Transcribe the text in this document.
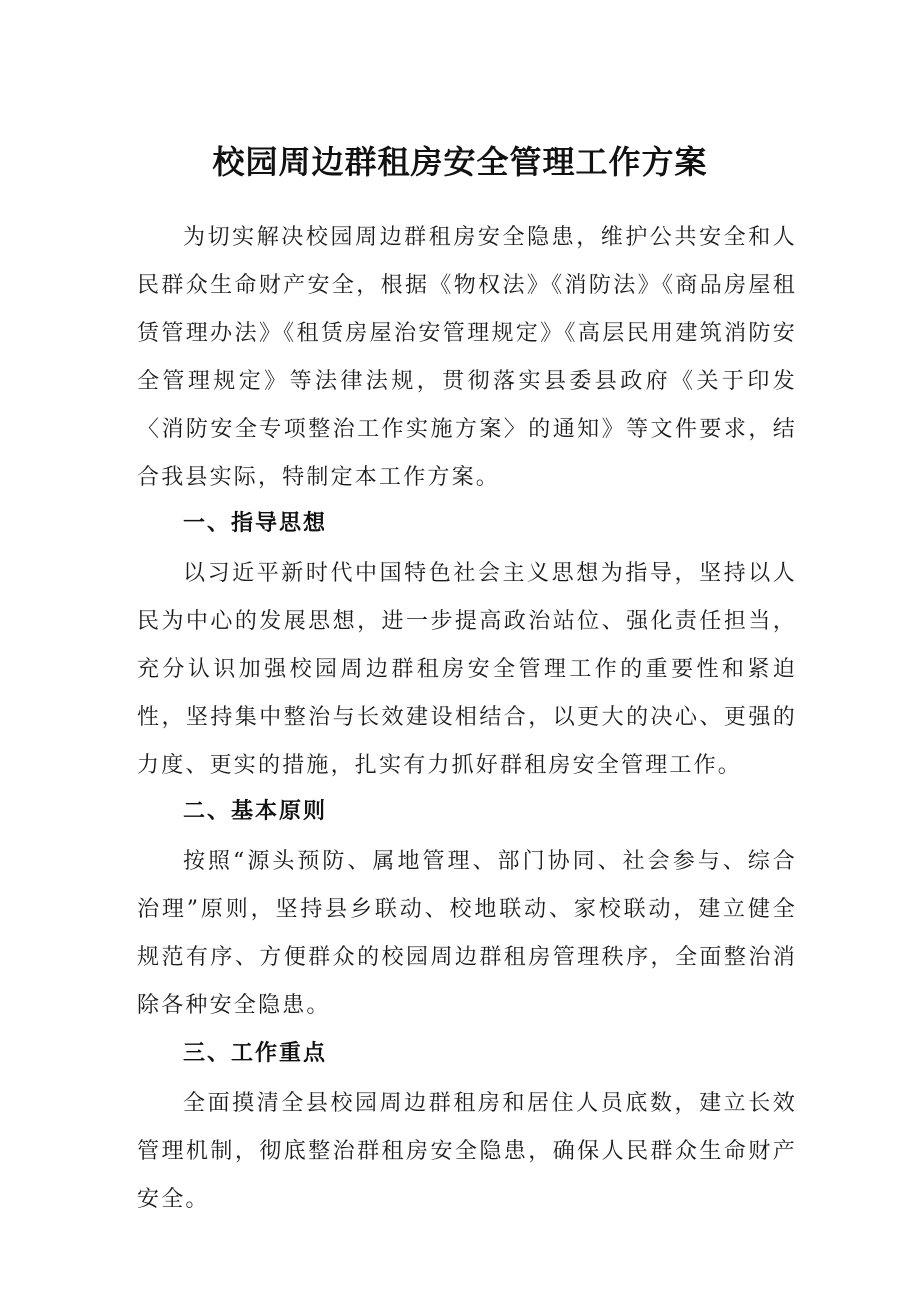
校园周边群租房安全管理工作方案

为切实解决校园周边群租房安全隐患，维护公共安全和人民群众生命财产安全，根据《物权法》《消防法》《商品房屋租赁管理办法》《租赁房屋治安管理规定》《高层民用建筑消防安全管理规定》等法律法规，贯彻落实县委县政府《关于印发〈消防安全专项整治工作实施方案〉的通知》等文件要求，结合我县实际，特制定本工作方案。

一、指导思想

以习近平新时代中国特色社会主义思想为指导，坚持以人民为中心的发展思想，进一步提高政治站位、强化责任担当，充分认识加强校园周边群租房安全管理工作的重要性和紧迫性，坚持集中整治与长效建设相结合，以更大的决心、更强的力度、更实的措施，扎实有力抓好群租房安全管理工作。

二、基本原则

按照“源头预防、属地管理、部门协同、社会参与、综合治理”原则，坚持县乡联动、校地联动、家校联动，建立健全规范有序、方便群众的校园周边群租房管理秩序，全面整治消除各种安全隐患。

三、工作重点

全面摸清全县校园周边群租房和居住人员底数，建立长效管理机制，彻底整治群租房安全隐患，确保人民群众生命财产安全。
